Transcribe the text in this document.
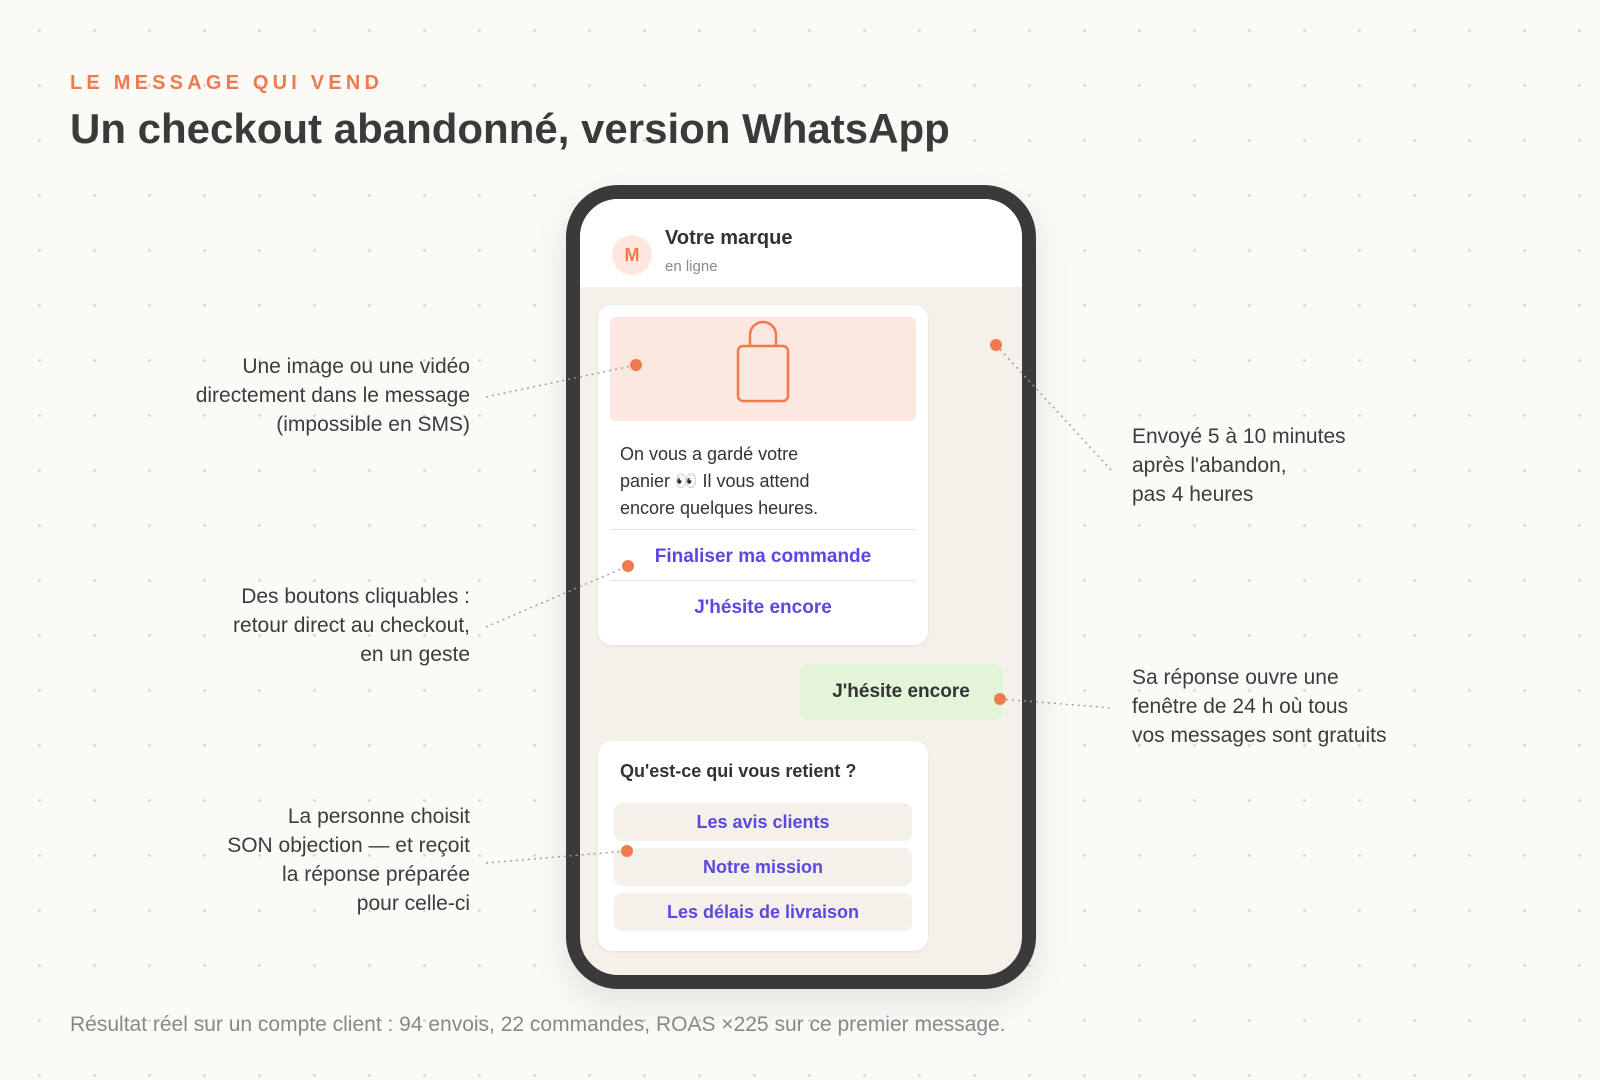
LE MESSAGE QUI VEND
Un checkout abandonné, version WhatsApp
M
Votre marque
en ligne
On vous a gardé votre
panier 👀 Il vous attend
encore quelques heures.
Finaliser ma commande
J'hésite encore
J'hésite encore
Qu'est-ce qui vous retient ?
Les avis clients
Notre mission
Les délais de livraison
Une image ou une vidéo
directement dans le message
(impossible en SMS)
Des boutons cliquables :
retour direct au checkout,
en un geste
La personne choisit
SON objection — et reçoit
la réponse préparée
pour celle-ci
Envoyé 5 à 10 minutes
après l'abandon,
pas 4 heures
Sa réponse ouvre une
fenêtre de 24 h où tous
vos messages sont gratuits
Résultat réel sur un compte client : 94 envois, 22 commandes, ROAS ×225 sur ce premier message.
